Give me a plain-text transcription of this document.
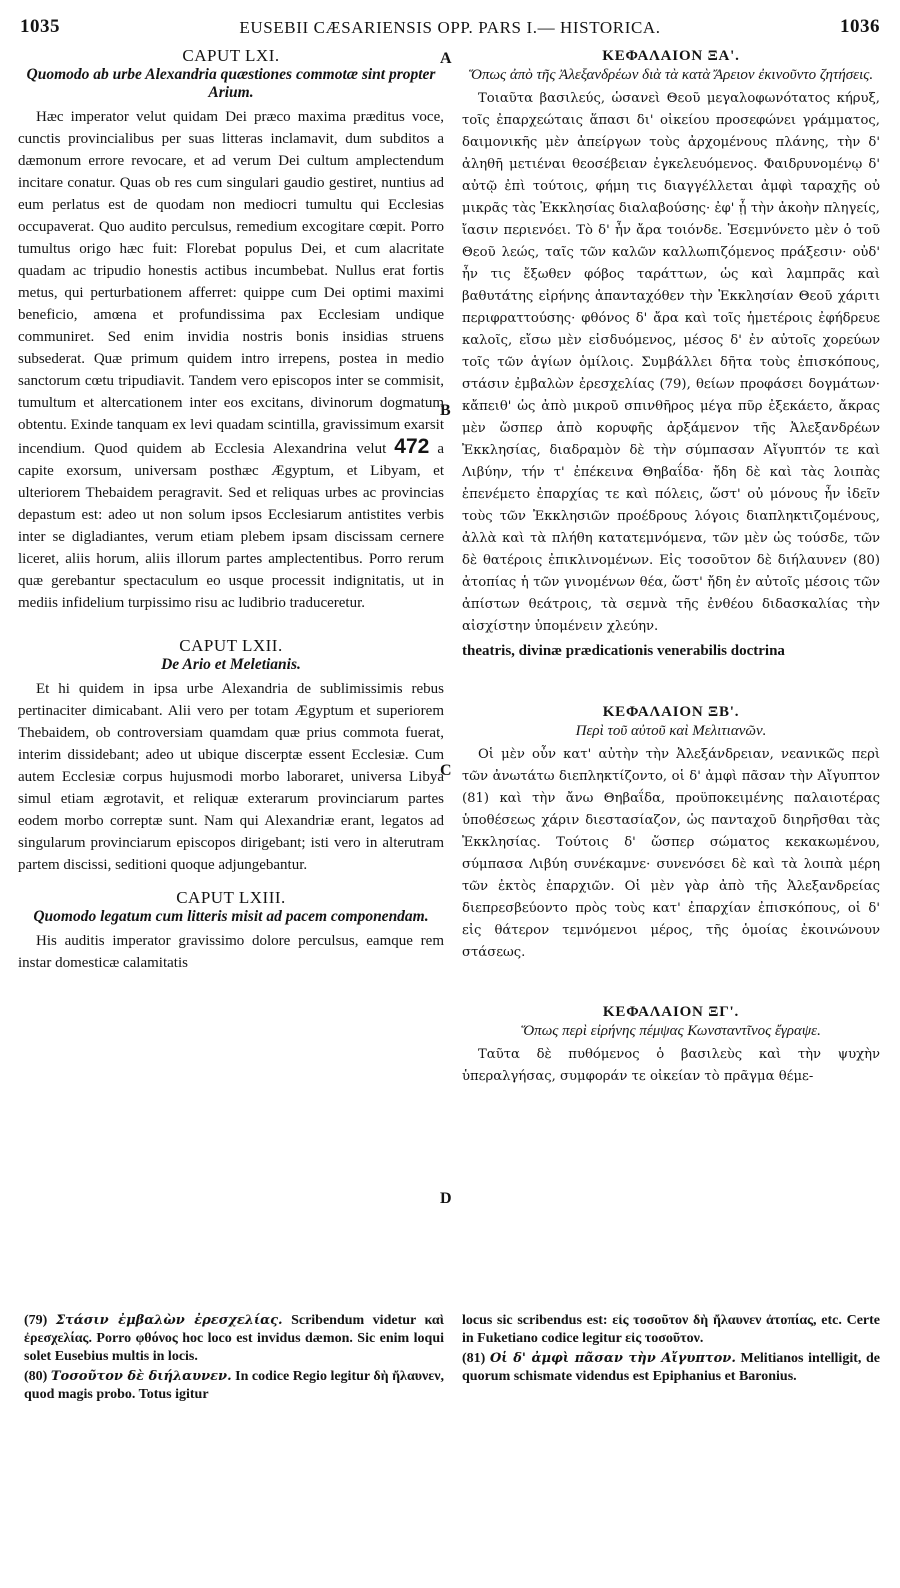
1035	EUSEBII CÆSARIENSIS OPP. PARS I.— HISTORICA.	1036
A
B
C
D
CAPUT LXI.
Quomodo ab urbe Alexandria quæstiones commotæ sint propter Arium.

Hæc imperator velut quidam Dei præco maxima præditus voce, cunctis provincialibus per suas litteras inclamavit, dum subditos a dæmonum errore revocare, et ad verum Dei cultum amplectendum incitare conatur. Quas ob res cum singulari gaudio gestiret, nuntius ad eum perlatus est de quodam non mediocri tumultu qui Ecclesias occupaverat. Quo audito perculsus, remedium excogitare cœpit. Porro tumultus origo hæc fuit: Florebat populus Dei, et cum alacritate quadam ac tripudio honestis actibus incumbebat. Nullus erat fortis metus, qui perturbationem afferret: quippe cum Dei optimi maximi beneficio, amœna et profundissima pax Ecclesiam undique communiret. Sed enim invidia nostris bonis insidias struens subsederat. Quæ primum quidem intro irrepens, postea in medio sanctorum cœtu tripudiavit. Tandem vero episcopos inter se commisit, tumultum et altercationem inter eos excitans, divinorum dogmatum obtentu. Exinde tanquam ex levi quadam scintilla, gravissimum exarsit incendium. Quod quidem ab Ecclesia Alexandrina velut 472 a capite exorsum, universam posthæc Ægyptum, et Libyam, et ulteriorem Thebaidem peragravit. Sed et reliquas urbes ac provincias depastum est: adeo ut non solum ipsos Ecclesiarum antistites verbis inter se digladiantes, verum etiam plebem ipsam discissam cernere liceret, aliis horum, aliis illorum partes amplectentibus. Porro rerum quæ gerebantur spectaculum eo usque processit indignitatis, ut in mediis infidelium turpissimo risu ac ludibrio traduceretur.

CAPUT LXII.
De Ario et Meletianis.

Et hi quidem in ipsa urbe Alexandria de sublimissimis rebus pertinaciter dimicabant. Alii vero per totam Ægyptum et superiorem Thebaidem, ob controversiam quamdam quæ prius commota fuerat, interim dissidebant; adeo ut ubique discerptæ essent Ecclesiæ. Cum autem Ecclesiæ corpus hujusmodi morbo laboraret, universa Libya simul etiam ægrotavit, et reliquæ exterarum provinciarum partes eodem morbo correptæ sunt. Nam qui Alexandriæ erant, legatos ad singularum provinciarum episcopos dirigebant; isti vero in alterutram partem discissi, seditioni quoque adjungebantur.

CAPUT LXIII.
Quomodo legatum cum litteris misit ad pacem componendam.

His auditis imperator gravissimo dolore perculsus, eamque rem instar domesticæ calamitatis

ΚΕΦΑΛΑΙΟΝ ΞΑ'.
Ὅπως ἀπὸ τῆς Ἀλεξανδρέων διὰ τὰ κατὰ Ἄρειον ἐκινοῦντο ζητήσεις.

Τοιαῦτα βασιλεύς, ὡσανεὶ Θεοῦ μεγαλοφωνότατος κήρυξ, τοῖς ἐπαρχεώταις ἅπασι δι' οἰκείου προσεφώνει γράμματος, δαιμονικῆς μὲν ἀπείργων τοὺς ἀρχομένους πλάνης, τὴν δ' ἀληθῆ μετιέναι θεοσέβειαν ἐγκελευόμενος. Φαιδρυνομένῳ δ' αὐτῷ ἐπὶ τούτοις, φήμη τις διαγγέλλεται ἀμφὶ ταραχῆς οὐ μικρᾶς τὰς Ἐκκλησίας διαλαβούσης· ἐφ' ᾗ τὴν ἀκοὴν πληγείς, ἴασιν περιενόει. Τὸ δ' ἦν ἄρα τοιόνδε. Ἐσεμνύνετο μὲν ὁ τοῦ Θεοῦ λεώς, ταῖς τῶν καλῶν καλλωπιζόμενος πράξεσιν· οὐδ' ἦν τις ἔξωθεν φόβος ταράττων, ὡς καὶ λαμπρᾶς καὶ βαθυτάτης εἰρήνης ἁπανταχόθεν τὴν Ἐκκλησίαν Θεοῦ χάριτι περιφραττούσης· φθόνος δ' ἄρα καὶ τοῖς ἡμετέροις ἐφήδρευε καλοῖς, εἴσω μὲν εἰσδυόμενος, μέσος δ' ἐν αὐτοῖς χορεύων τοῖς τῶν ἁγίων ὁμίλοις. Συμβάλλει δῆτα τοὺς ἐπισκόπους, στάσιν ἐμβαλὼν ἐρεσχελίας (79), θείων προφάσει δογμάτων· κἄπειθ' ὡς ἀπὸ μικροῦ σπινθῆρος μέγα πῦρ ἐξεκάετο, ἄκρας μὲν ὥσπερ ἀπὸ κορυφῆς ἀρξάμενον τῆς Ἀλεξανδρέων Ἐκκλησίας, διαδραμὸν δὲ τὴν σύμπασαν Αἴγυπτόν τε καὶ Λιβύην, τήν τ' ἐπέκεινα Θηβαΐδα· ἤδη δὲ καὶ τὰς λοιπὰς ἐπενέμετο ἐπαρχίας τε καὶ πόλεις, ὥστ' οὐ μόνους ἦν ἰδεῖν τοὺς τῶν Ἐκκλησιῶν προέδρους λόγοις διαπληκτιζομένους, ἀλλὰ καὶ τὰ πλήθη κατατεμνόμενα, τῶν μὲν ὡς τούσδε, τῶν δὲ θατέροις ἐπικλινομένων. Εἰς τοσοῦτον δὲ διήλαυνεν (80) ἀτοπίας ἡ τῶν γινομένων θέα, ὥστ' ἤδη ἐν αὐτοῖς μέσοις τῶν ἀπίστων θεάτροις, τὰ σεμνὰ τῆς ἐνθέου διδασκαλίας τὴν αἰσχίστην ὑπομένειν χλεύην.

theatris, divinæ prædicationis venerabilis doctrina
ΚΕΦΑΛΑΙΟΝ ΞΒ'.
Περὶ τοῦ αὐτοῦ καὶ Μελιτιανῶν.

Οἱ μὲν οὖν κατ' αὐτὴν τὴν Ἀλεξάνδρειαν, νεανικῶς περὶ τῶν ἀνωτάτω διεπληκτίζοντο, οἱ δ' ἀμφὶ πᾶσαν τὴν Αἴγυπτον (81) καὶ τὴν ἄνω Θηβαΐδα, προϋποκειμένης παλαιοτέρας ὑποθέσεως χάριν διεστασίαζον, ὡς πανταχοῦ διηρῆσθαι τὰς Ἐκκλησίας. Τούτοις δ' ὥσπερ σώματος κεκακωμένου, σύμπασα Λιβύη συνέκαμνε· συνενόσει δὲ καὶ τὰ λοιπὰ μέρη τῶν ἐκτὸς ἐπαρχιῶν. Οἱ μὲν γὰρ ἀπὸ τῆς Ἀλεξανδρείας διεπρεσβεύοντο πρὸς τοὺς κατ' ἐπαρχίαν ἐπισκόπους, οἱ δ' εἰς θάτερον τεμνόμενοι μέρος, τῆς ὁμοίας ἐκοινώνουν στάσεως.

ΚΕΦΑΛΑΙΟΝ ΞΓ'.
Ὅπως περὶ εἰρήνης πέμψας Κωνσταντῖνος ἔγραψε.

Ταῦτα δὲ πυθόμενος ὁ βασιλεὺς καὶ τὴν ψυχὴν ὑπεραλγήσας, συμφοράν τε οἰκείαν τὸ πρᾶγμα θέμε-

(79) Στάσιν ἐμβαλὼν ἐρεσχελίας. Scribendum videtur καὶ ἐρεσχελίας. Porro φθόνος hoc loco est invidus dæmon. Sic enim loqui solet Eusebius multis in locis.

(80) Τοσοῦτον δὲ διήλαυνεν. In codice Regio legitur δὴ ἤλαυνεν, quod magis probo. Totus igitur

locus sic scribendus est: εἰς τοσοῦτον δὴ ἤλαυνεν ἀτοπίας, etc. Certe in Fuketiano codice legitur εἰς τοσοῦτον.

(81) Οἱ δ' ἀμφὶ πᾶσαν τὴν Αἴγυπτον. Melitianos intelligit, de quorum schismate videndus est Epiphanius et Baronius.
